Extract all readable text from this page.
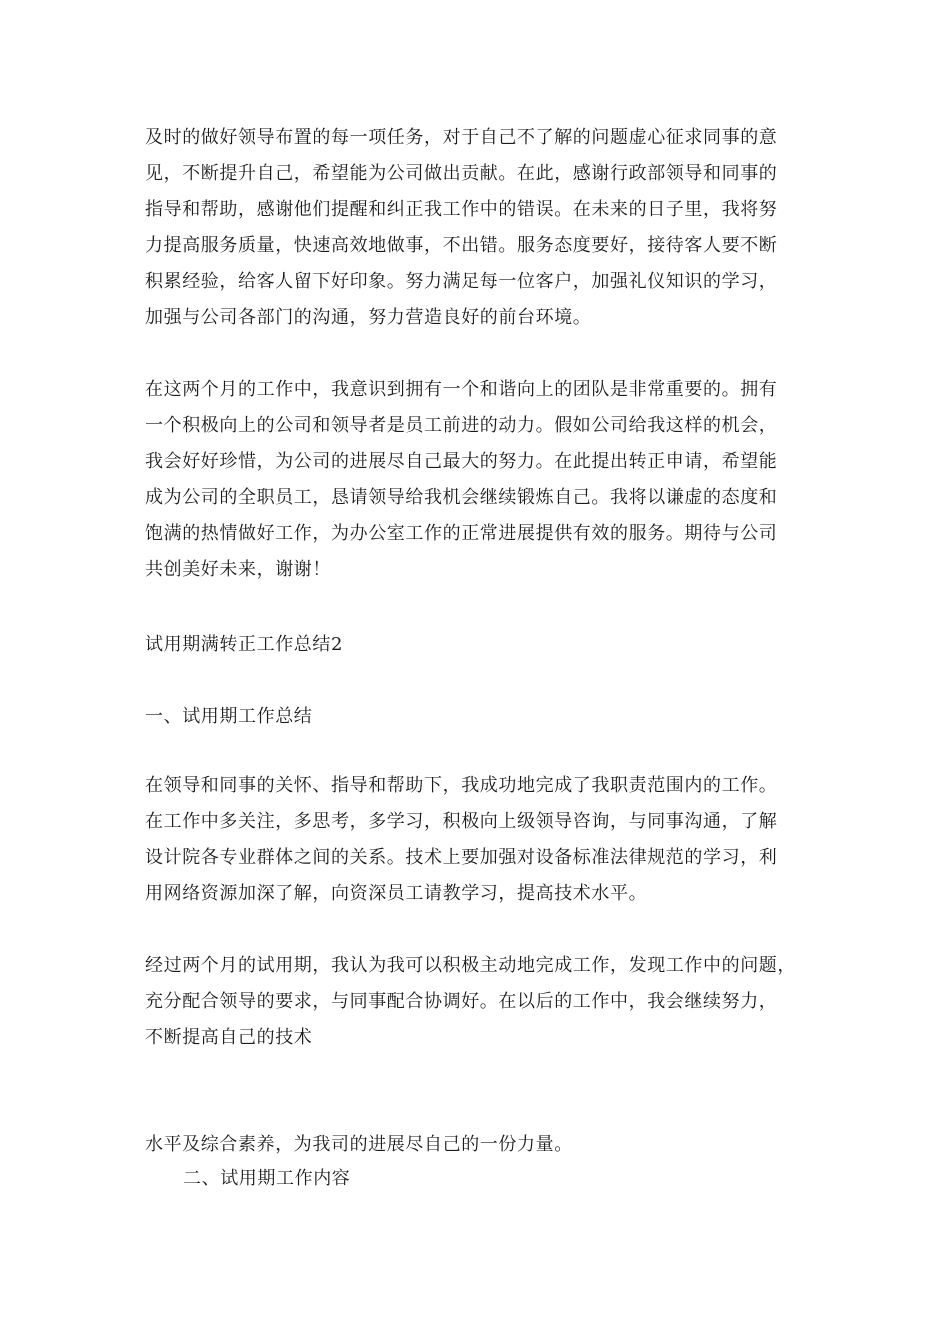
及时的做好领导布置的每一项任务，对于自己不了解的问题虚心征求同事的意
见，不断提升自己，希望能为公司做出贡献。在此，感谢行政部领导和同事的
指导和帮助，感谢他们提醒和纠正我工作中的错误。在未来的日子里，我将努
力提高服务质量，快速高效地做事，不出错。服务态度要好，接待客人要不断
积累经验，给客人留下好印象。努力满足每一位客户，加强礼仪知识的学习，
加强与公司各部门的沟通，努力营造良好的前台环境。
在这两个月的工作中，我意识到拥有一个和谐向上的团队是非常重要的。拥有
一个积极向上的公司和领导者是员工前进的动力。假如公司给我这样的机会，
我会好好珍惜，为公司的进展尽自己最大的努力。在此提出转正申请，希望能
成为公司的全职员工，恳请领导给我机会继续锻炼自己。我将以谦虚的态度和
饱满的热情做好工作，为办公室工作的正常进展提供有效的服务。期待与公司
共创美好未来，谢谢！
试用期满转正工作总结2
一、试用期工作总结
在领导和同事的关怀、指导和帮助下，我成功地完成了我职责范围内的工作。
在工作中多关注，多思考，多学习，积极向上级领导咨询，与同事沟通，了解
设计院各专业群体之间的关系。技术上要加强对设备标准法律规范的学习，利
用网络资源加深了解，向资深员工请教学习，提高技术水平。
经过两个月的试用期，我认为我可以积极主动地完成工作，发现工作中的问题，
充分配合领导的要求，与同事配合协调好。在以后的工作中，我会继续努力，
不断提高自己的技术
水平及综合素养，为我司的进展尽自己的一份力量。
二、试用期工作内容
